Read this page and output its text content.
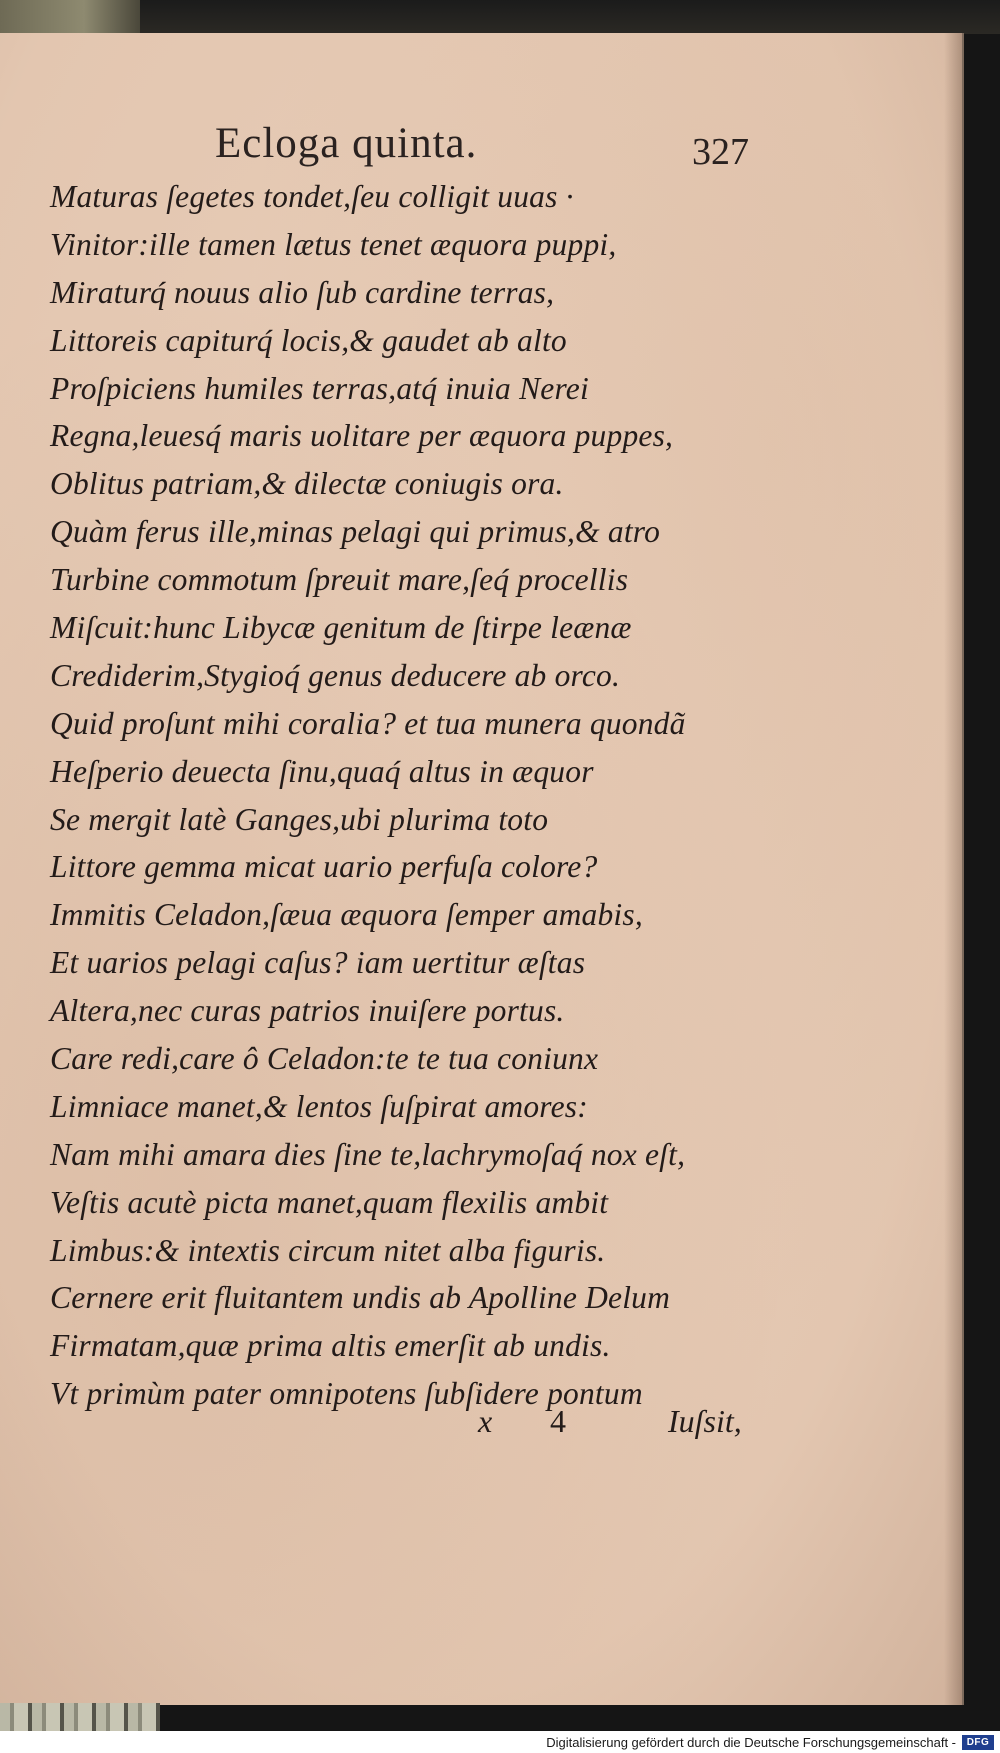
Ecloga quinta.	327
Maturas ſegetes tondet,ſeu colligit uuas ·
Vinitor:ille tamen lætus tenet æquora puppi,
Miraturq́ nouus alio ſub cardine terras,
Littoreis capiturq́ locis,& gaudet ab alto
Proſpiciens humiles terras,atq́ inuia Nerei
Regna,leuesq́ maris uolitare per æquora puppes,
Oblitus patriam,& dilectæ coniugis ora.
Quàm ferus ille,minas pelagi qui primus,& atro
Turbine commotum ſpreuit mare,ſeq́ procellis
Miſcuit:hunc Libycæ genitum de ſtirpe leænæ
Crediderim,Stygioq́ genus deducere ab orco.
Quid proſunt mihi coralia? et tua munera quondã
Heſperio deuecta ſinu,quaq́ altus in æquor
Se mergit latè Ganges,ubi plurima toto
Littore gemma micat uario perfuſa colore?
Immitis Celadon,ſæua æquora ſemper amabis,
Et uarios pelagi caſus? iam uertitur æſtas
Altera,nec curas patrios inuiſere portus.
Care redi,care ô Celadon:te te tua coniunx
Limniace manet,& lentos ſuſpirat amores:
Nam mihi amara dies ſine te,lachrymoſaq́ nox eſt,
Veſtis acutè picta manet,quam flexilis ambit
Limbus:& intextis circum nitet alba figuris.
Cernere erit fluitantem undis ab Apolline Delum
Firmatam,quæ prima altis emerſit ab undis.
Vt primùm pater omnipotens ſubſidere pontum
x 4	Iuſsit,
Digitalisierung gefördert durch die Deutsche Forschungsgemeinschaft -	DFG
